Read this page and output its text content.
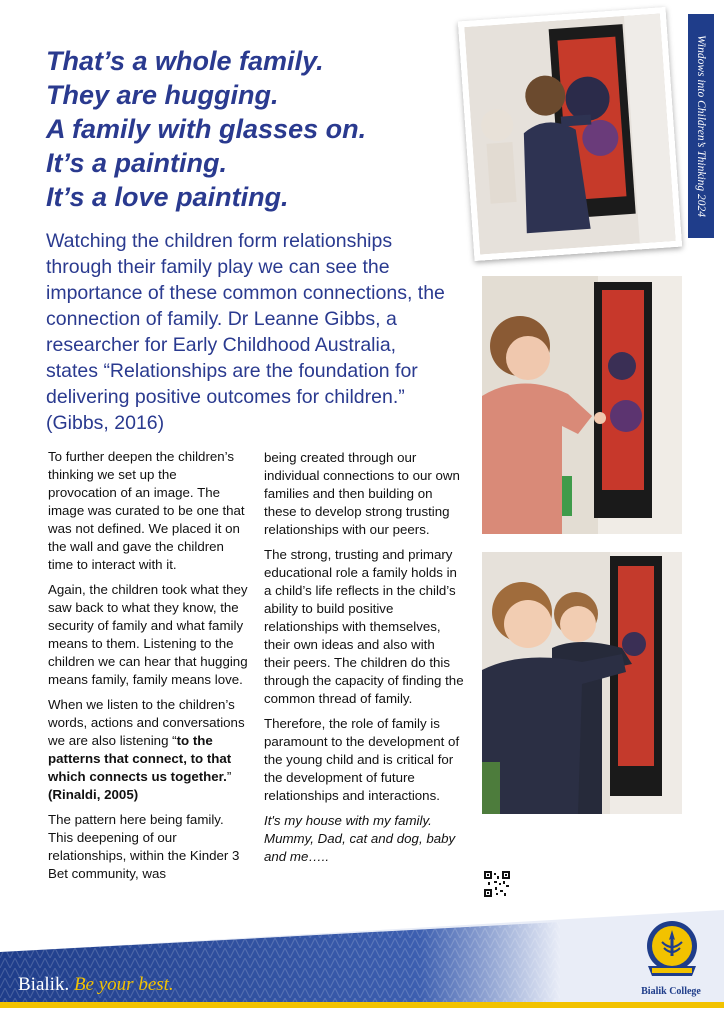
That’s a whole family.
They are hugging.
A family with glasses on.
It’s a painting.
It’s a love painting.
Watching the children form relationships through their family play we can see the importance of these common connections, the connection of family. Dr Leanne Gibbs, a researcher for Early Childhood Australia, states “Relationships are the foundation for delivering positive outcomes for children.” (Gibbs, 2016)

To further deepen the children’s thinking we set up the provocation of an image. The image was curated to be one that was not defined. We placed it on the wall and gave the children time to interact with it.

Again, the children took what they saw back to what they know, the security of family and what family means to them. Listening to the children we can hear that hugging means family, family means love.

When we listen to the children’s words, actions and conversations we are also listening “to the patterns that connect, to that which connects us together.”
(Rinaldi, 2005)

The pattern here being family. This deepening of our relationships, within the Kinder 3 Bet community, was

being created through our individual connections to our own families and then building on these to develop strong trusting relationships with our peers.

The strong, trusting and primary educational role a family holds in a child’s life reflects in the child’s ability to build positive relationships with themselves, their own ideas and also with their peers. The children do this through the capacity of finding the common thread of family.

Therefore, the role of family is paramount to the development of the young child and is critical for the development of future relationships and interactions.

It's my house with my family. Mummy, Dad, cat and dog, baby and me…..

Windows into Children’s Thinking 2024
Bialik. Be your best.	Bialik College
